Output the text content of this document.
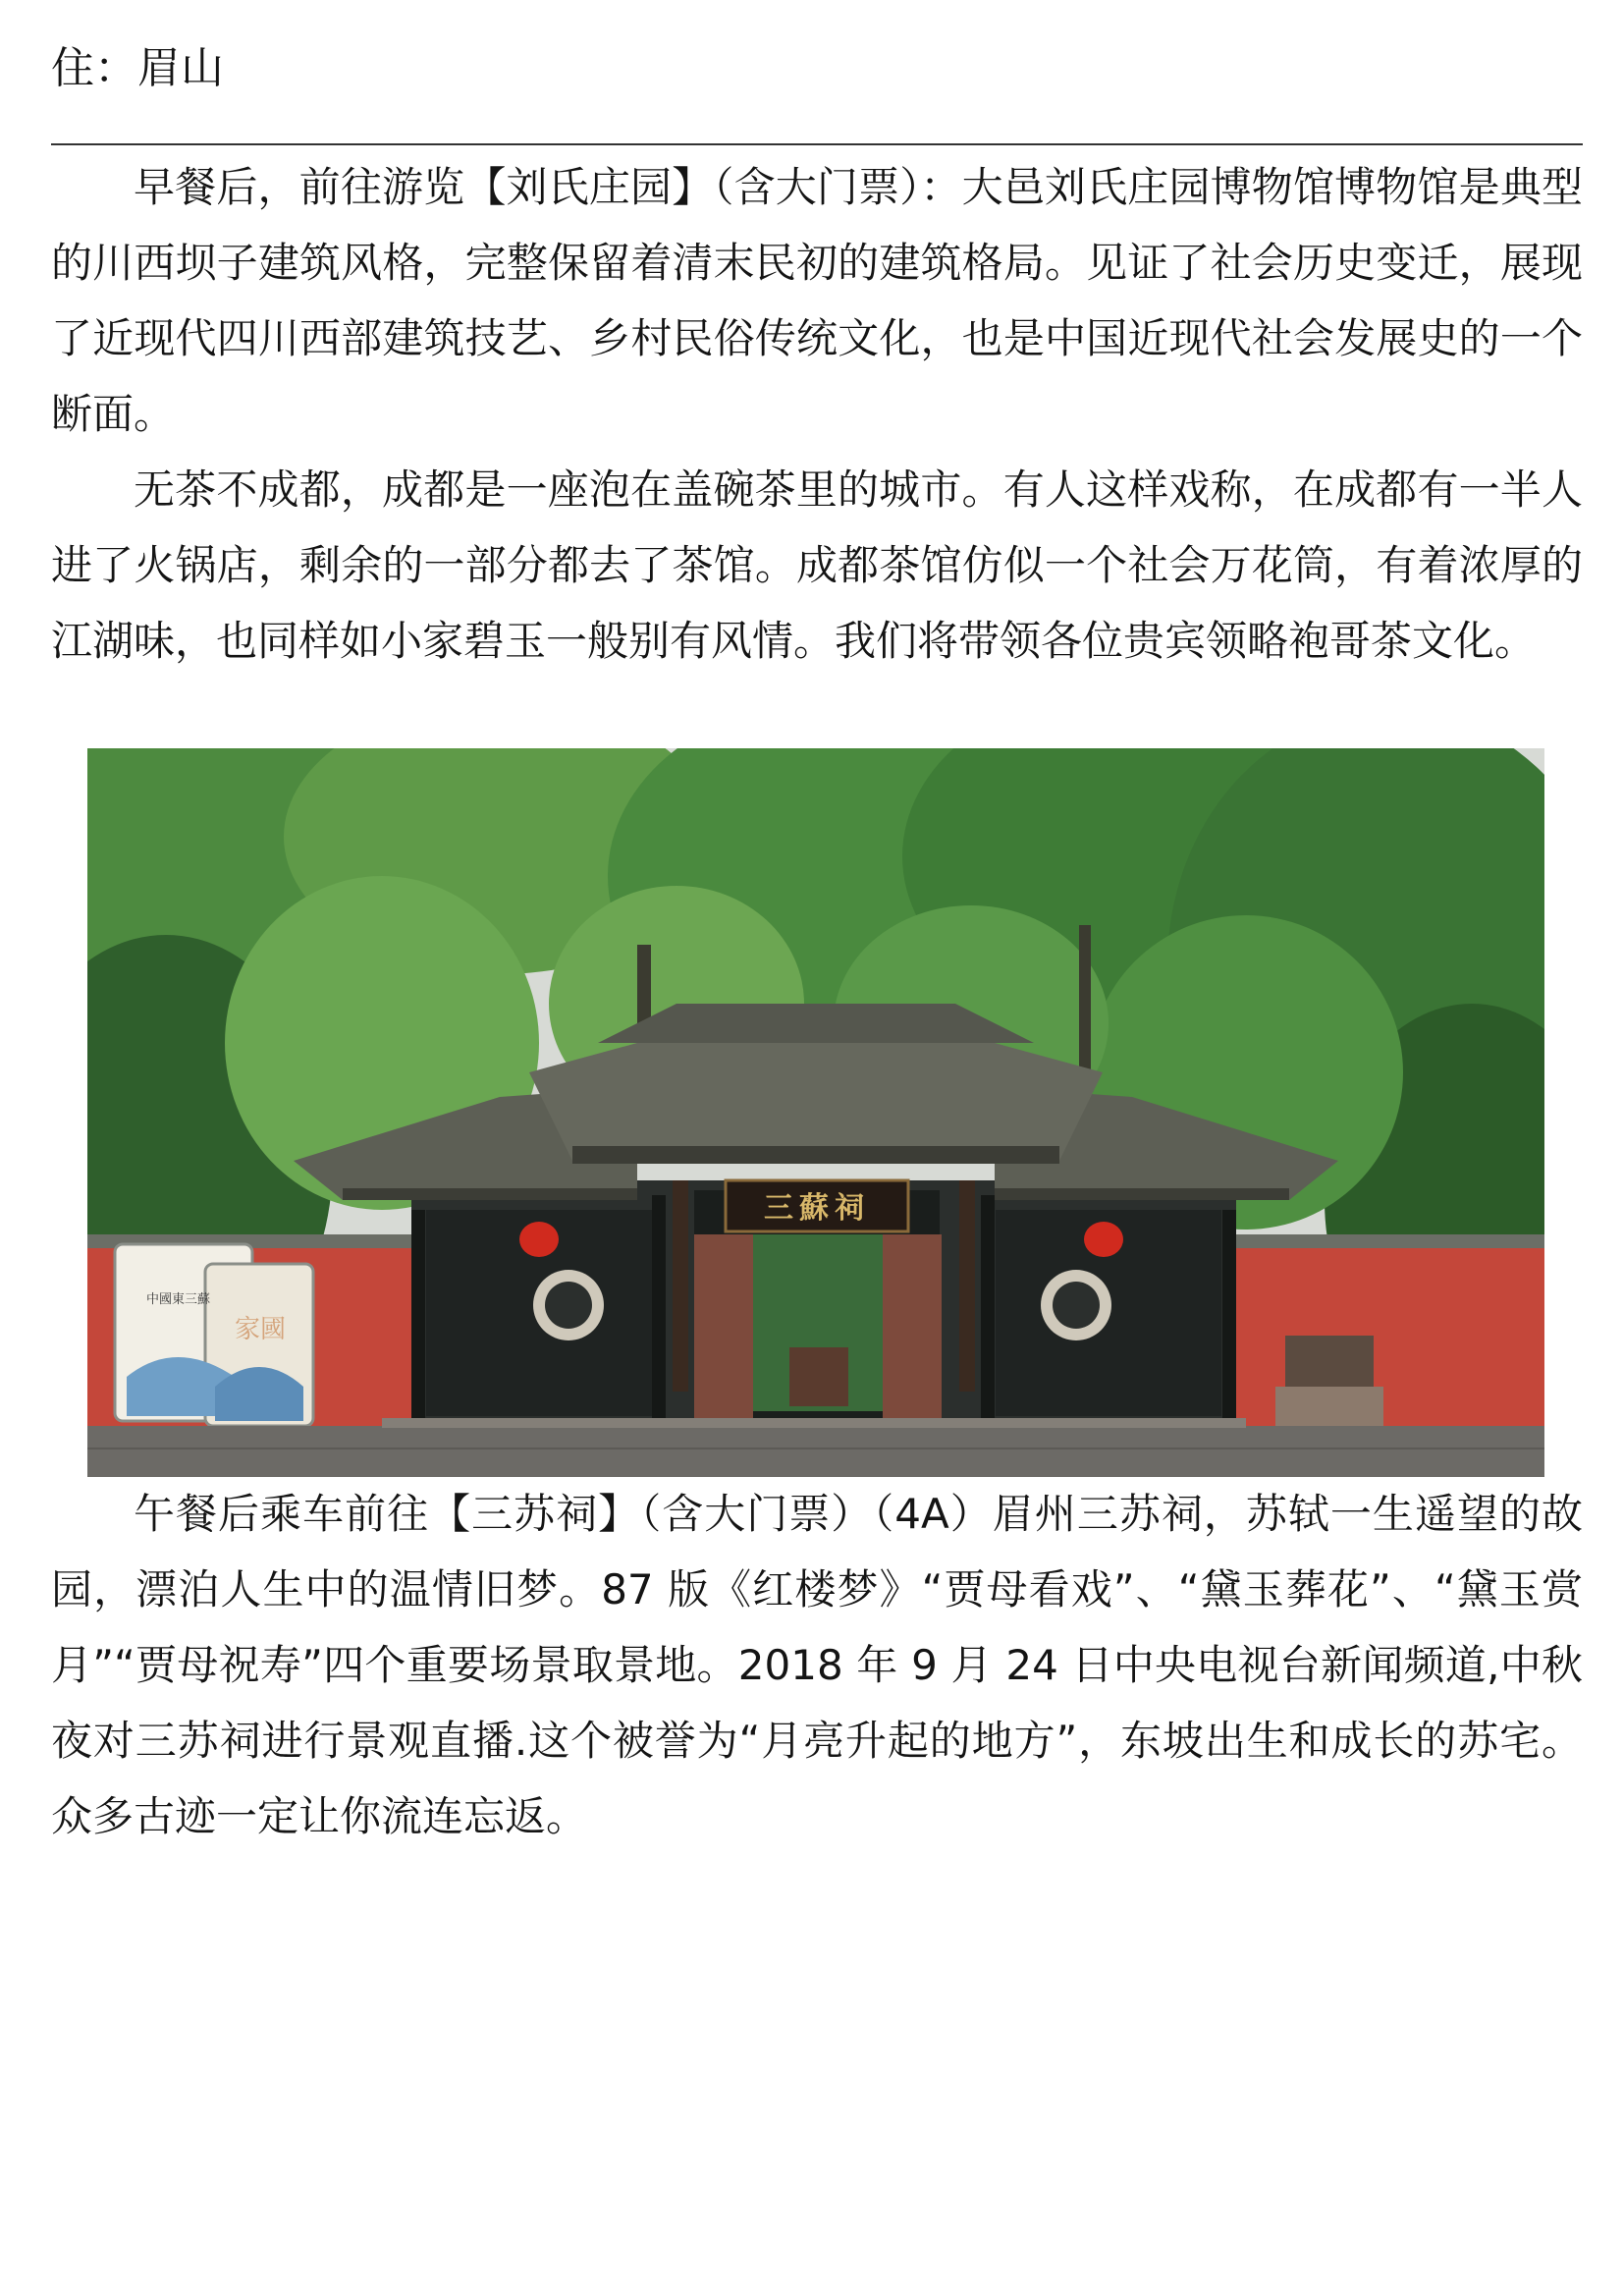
住：眉山

早餐后，前往游览【刘氏庄园】（含大门票）：大邑刘氏庄园博物馆博物馆是典型的川西坝子建筑风格，完整保留着清末民初的建筑格局。见证了社会历史变迁，展现了近现代四川西部建筑技艺、乡村民俗传统文化，也是中国近现代社会发展史的一个断面。

无茶不成都，成都是一座泡在盖碗茶里的城市。有人这样戏称，在成都有一半人进了火锅店，剩余的一部分都去了茶馆。成都茶馆仿似一个社会万花筒，有着浓厚的江湖味，也同样如小家碧玉一般别有风情。我们将带领各位贵宾领略袍哥茶文化。

三蘇祠
中國東三蘇
家國

午餐后乘车前往【三苏祠】（含大门票）（4A）眉州三苏祠，苏轼一生遥望的故园，漂泊人生中的温情旧梦。87 版《红楼梦》“贾母看戏”、“黛玉葬花”、“黛玉赏月”“贾母祝寿”四个重要场景取景地。2018 年 9 月 24 日中央电视台新闻频道,中秋夜对三苏祠进行景观直播.这个被誉为“月亮升起的地方”，东坡出生和成长的苏宅。众多古迹一定让你流连忘返。
